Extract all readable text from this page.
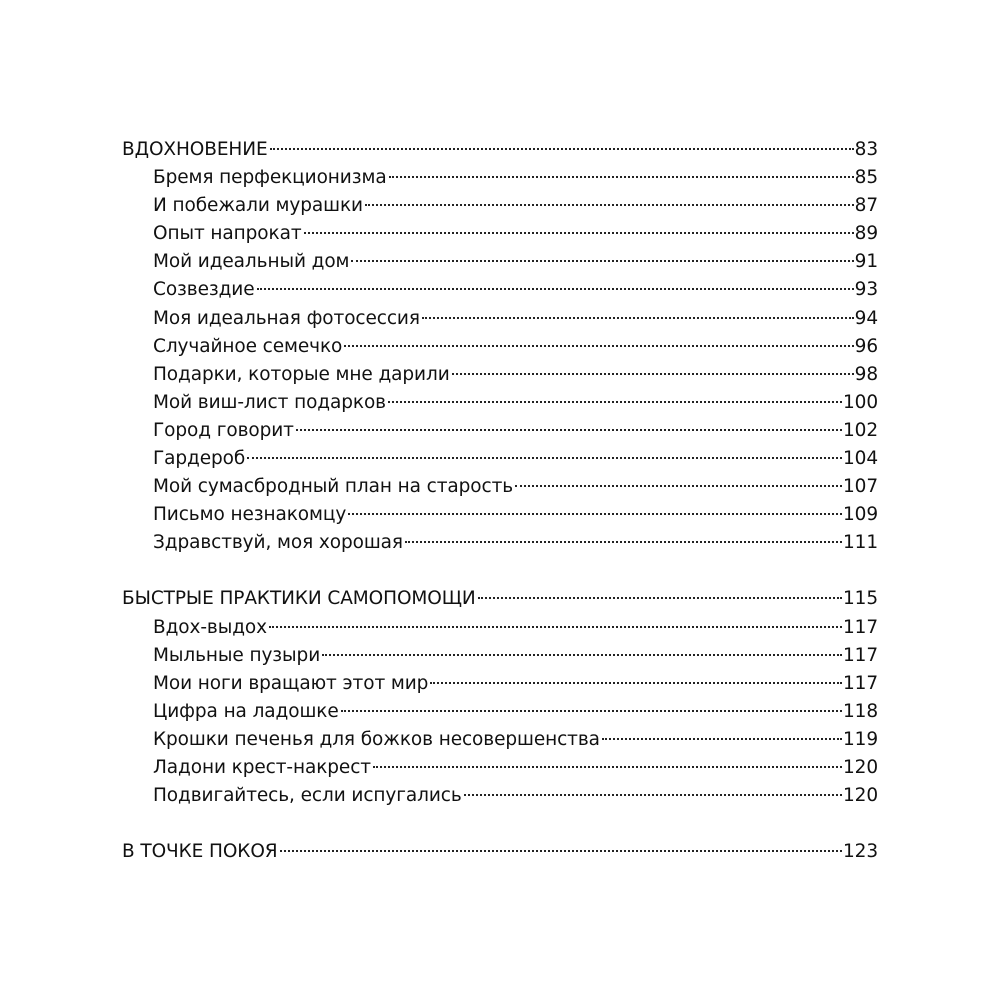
ВДОХНОВЕНИЕ	83
Бремя перфекционизма	85
И побежали мурашки	87
Опыт напрокат	89
Мой идеальный дом	91
Созвездие	93
Моя идеальная фотосессия	94
Случайное семечко	96
Подарки, которые мне дарили	98
Мой виш-лист подарков	100
Город говорит	102
Гардероб	104
Мой сумасбродный план на старость	107
Письмо незнакомцу	109
Здравствуй, моя хорошая	111
БЫСТРЫЕ ПРАКТИКИ САМОПОМОЩИ	115
Вдох-выдох	117
Мыльные пузыри	117
Мои ноги вращают этот мир	117
Цифра на ладошке	118
Крошки печенья для божков несовершенства	119
Ладони крест-накрест	120
Подвигайтесь, если испугались	120
В ТОЧКЕ ПОКОЯ	123
